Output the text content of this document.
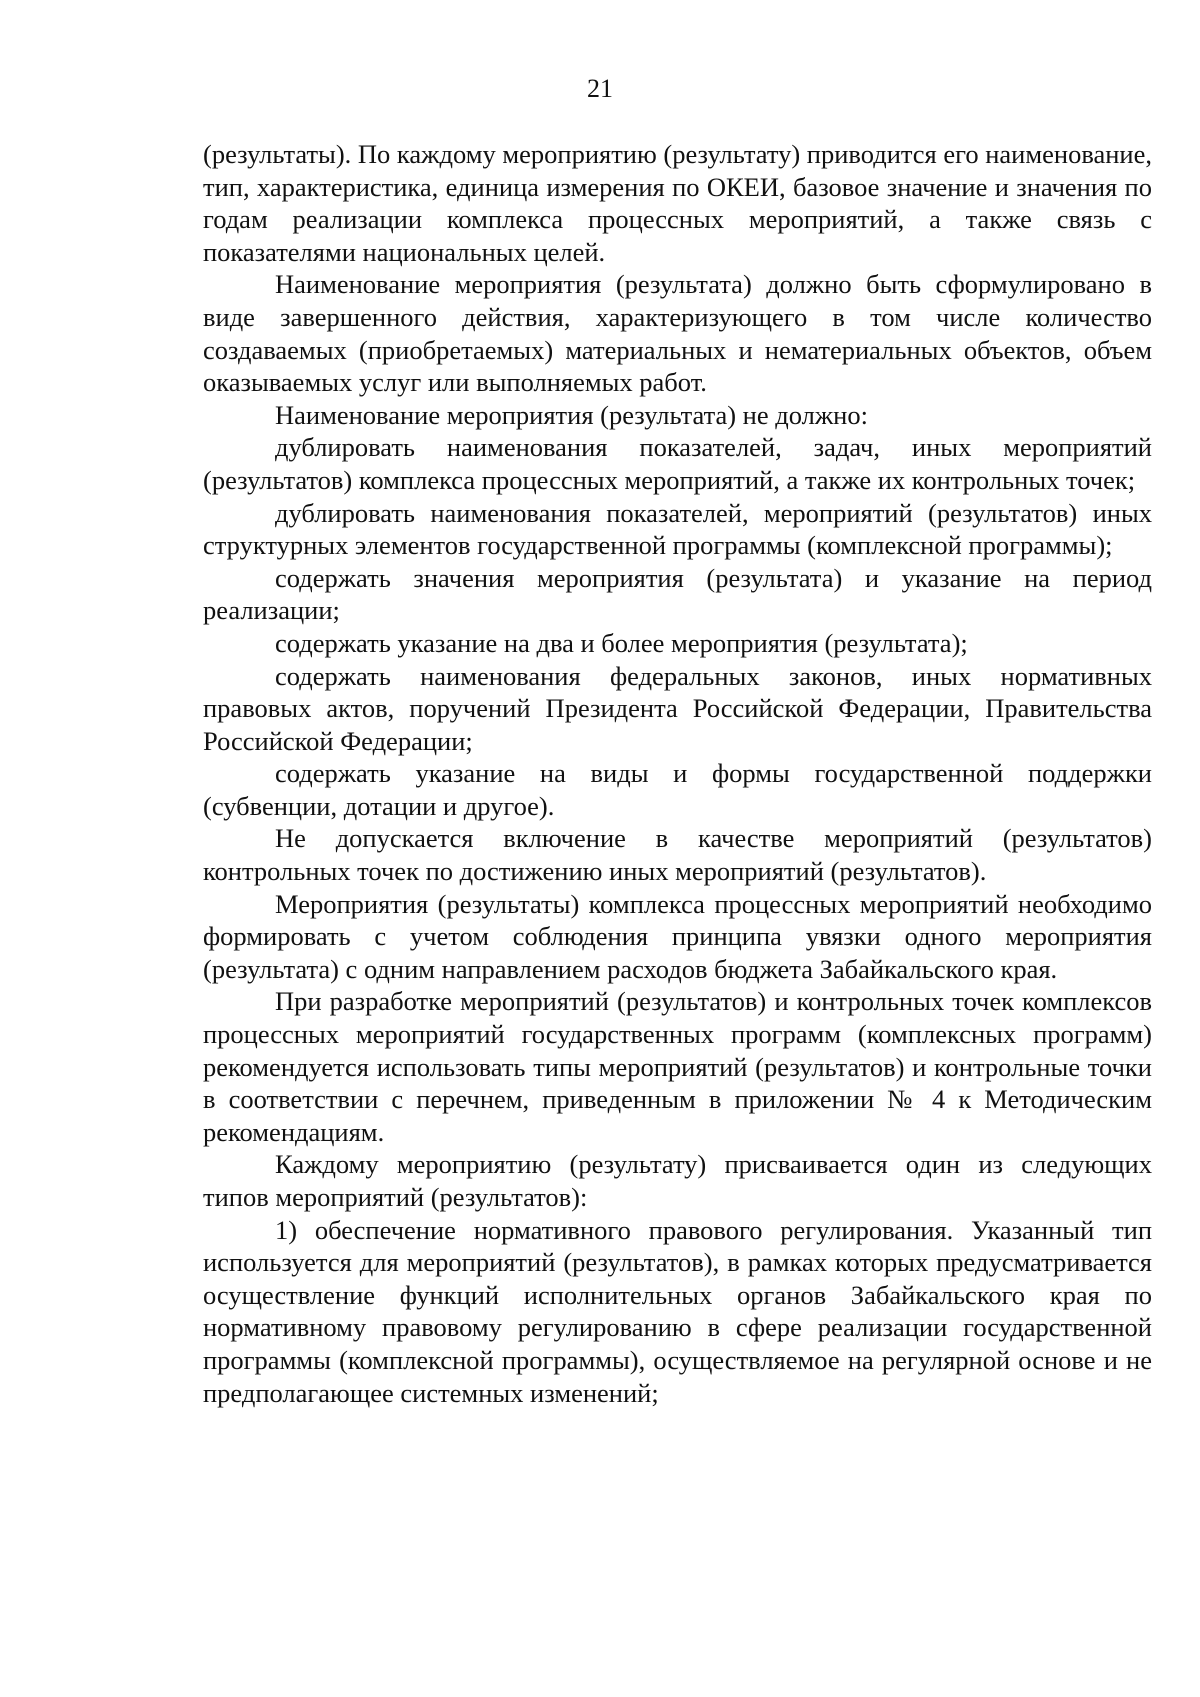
21

(результаты). По каждому мероприятию (результату) приводится его наименование, тип, характеристика, единица измерения по ОКЕИ, базовое значение и значения по годам реализации комплекса процессных мероприятий, а также связь с показателями национальных целей.

Наименование мероприятия (результата) должно быть сформулировано в виде завершенного действия, характеризующего в том числе количество создаваемых (приобретаемых) материальных и нематериальных объектов, объем оказываемых услуг или выполняемых работ.

Наименование мероприятия (результата) не должно:

дублировать наименования показателей, задач, иных мероприятий (результатов) комплекса процессных мероприятий, а также их контрольных точек;

дублировать наименования показателей, мероприятий (результатов) иных структурных элементов государственной программы (комплексной программы);

содержать значения мероприятия (результата) и указание на период реализации;

содержать указание на два и более мероприятия (результата);

содержать наименования федеральных законов, иных нормативных правовых актов, поручений Президента Российской Федерации, Правительства Российской Федерации;

содержать указание на виды и формы государственной поддержки (субвенции, дотации и другое).

Не допускается включение в качестве мероприятий (результатов) контрольных точек по достижению иных мероприятий (результатов).

Мероприятия (результаты) комплекса процессных мероприятий необходимо формировать с учетом соблюдения принципа увязки одного мероприятия (результата) с одним направлением расходов бюджета Забайкальского края.

При разработке мероприятий (результатов) и контрольных точек комплексов процессных мероприятий государственных программ (комплексных программ) рекомендуется использовать типы мероприятий (результатов) и контрольные точки в соответствии с перечнем, приведенным в приложении № 4 к Методическим рекомендациям.

Каждому мероприятию (результату) присваивается один из следующих типов мероприятий (результатов):

1) обеспечение нормативного правового регулирования. Указанный тип используется для мероприятий (результатов), в рамках которых предусматривается осуществление функций исполнительных органов Забайкальского края по нормативному правовому регулированию в сфере реализации государственной программы (комплексной программы), осуществляемое на регулярной основе и не предполагающее системных изменений;
